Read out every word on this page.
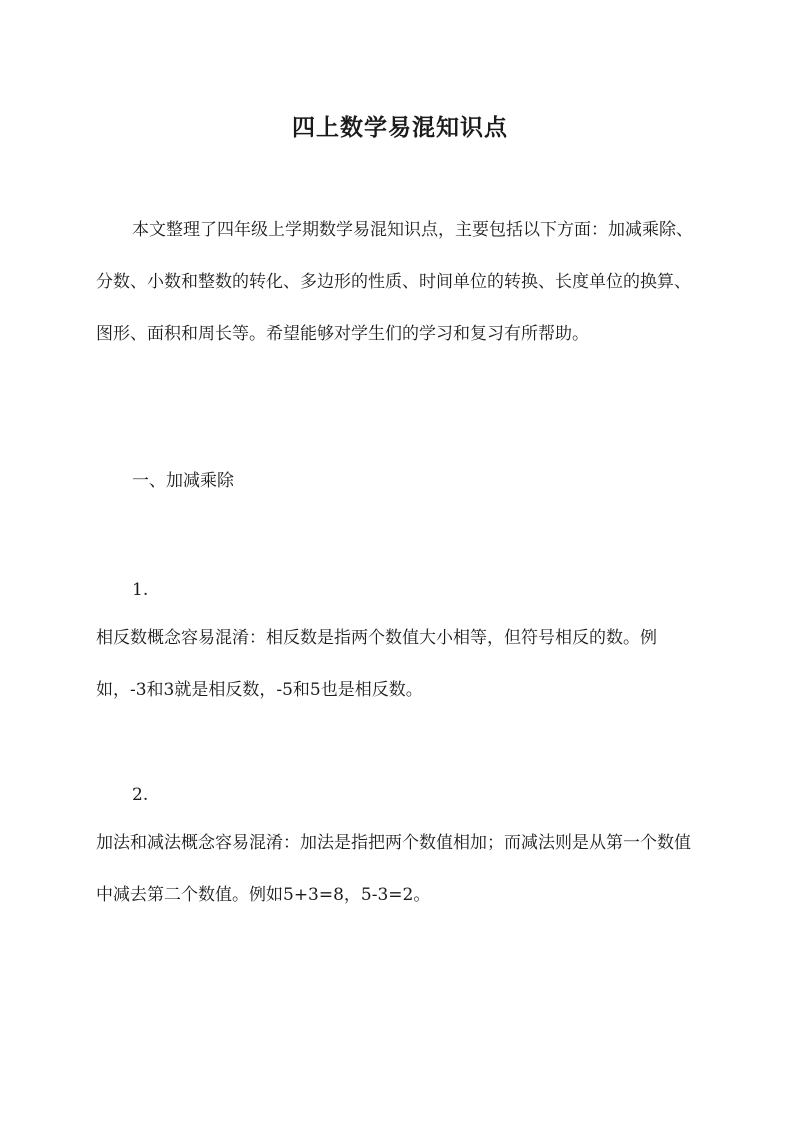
四上数学易混知识点

本文整理了四年级上学期数学易混知识点，主要包括以下方面：加减乘除、分数、小数和整数的转化、多边形的性质、时间单位的转换、长度单位的换算、图形、面积和周长等。希望能够对学生们的学习和复习有所帮助。

一、加减乘除

1.

相反数概念容易混淆：相反数是指两个数值大小相等，但符号相反的数。例如，-3和3就是相反数，-5和5也是相反数。

2.

加法和减法概念容易混淆：加法是指把两个数值相加；而减法则是从第一个数值中减去第二个数值。例如5+3=8，5-3=2。
